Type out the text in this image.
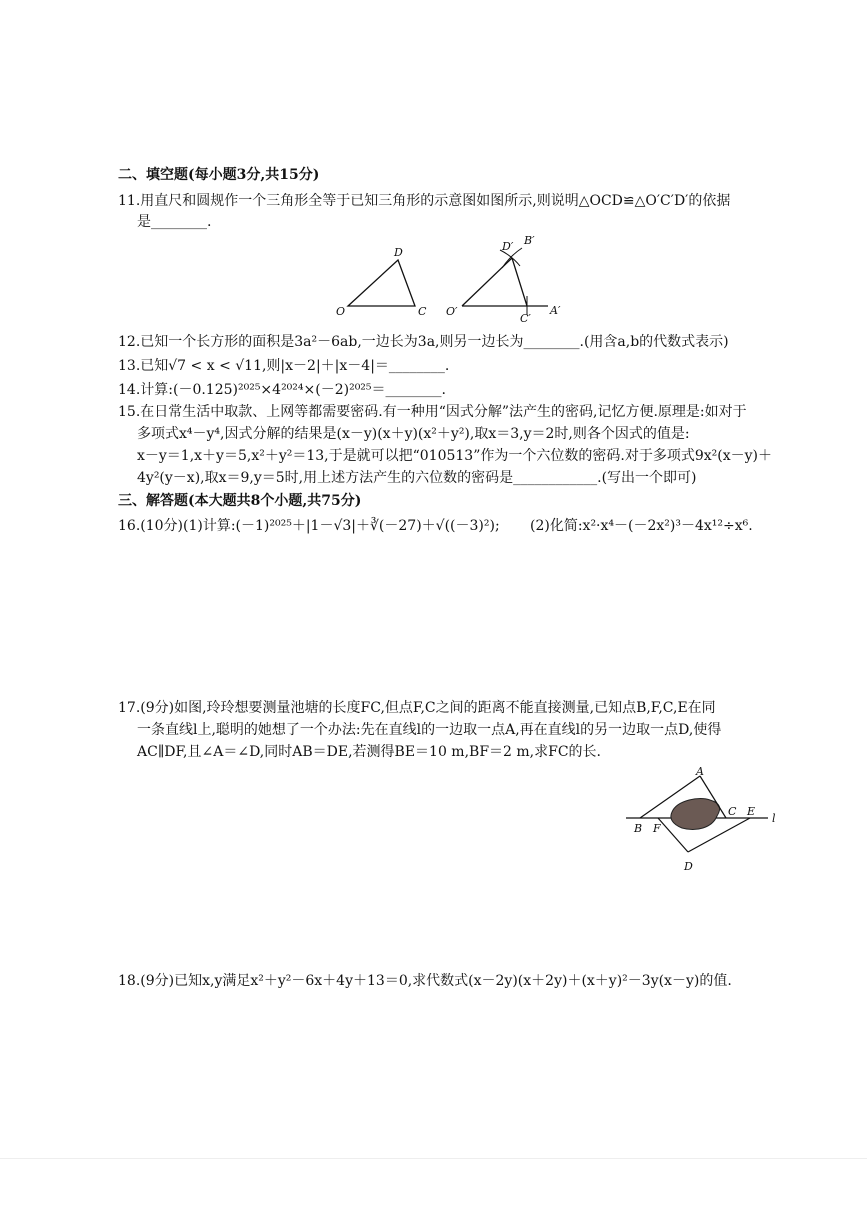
二、填空题(每小题3分,共15分)
11.用直尺和圆规作一个三角形全等于已知三角形的示意图如图所示,则说明△OCD≌△O′C′D′的依据
是________.
O	C
D
O′
C′
D′ B′
A′
12.已知一个长方形的面积是3a²－6ab,一边长为3a,则另一边长为________.(用含a,b的代数式表示)
13.已知√7 < x < √11,则|x－2|＋|x－4|＝________.
14.计算:(－0.125)²⁰²⁵×4²⁰²⁴×(－2)²⁰²⁵＝________.
15.在日常生活中取款、上网等都需要密码.有一种用“因式分解”法产生的密码,记忆方便.原理是:如对于
多项式x⁴－y⁴,因式分解的结果是(x－y)(x＋y)(x²＋y²),取x＝3,y＝2时,则各个因式的值是:
x－y＝1,x＋y＝5,x²＋y²＝13,于是就可以把“010513”作为一个六位数的密码.对于多项式9x²(x－y)＋
4y²(y－x),取x＝9,y＝5时,用上述方法产生的六位数的密码是____________.(写出一个即可)
三、解答题(本大题共8个小题,共75分)
16.(10分)(1)计算:(－1)²⁰²⁵＋|1－√3|＋∛(－27)＋√((－3)²); (2)化简:x²·x⁴－(－2x²)³－4x¹²÷x⁶.
17.(9分)如图,玲玲想要测量池塘的长度FC,但点F,C之间的距离不能直接测量,已知点B,F,C,E在同
一条直线l上,聪明的她想了一个办法:先在直线l的一边取一点A,再在直线l的另一边取一点D,使得
AC∥DF,且∠A＝∠D,同时AB＝DE,若测得BE＝10 m,BF＝2 m,求FC的长.
A
B F
C E
D
l
18.(9分)已知x,y满足x²＋y²－6x＋4y＋13＝0,求代数式(x－2y)(x＋2y)＋(x＋y)²－3y(x－y)的值.
